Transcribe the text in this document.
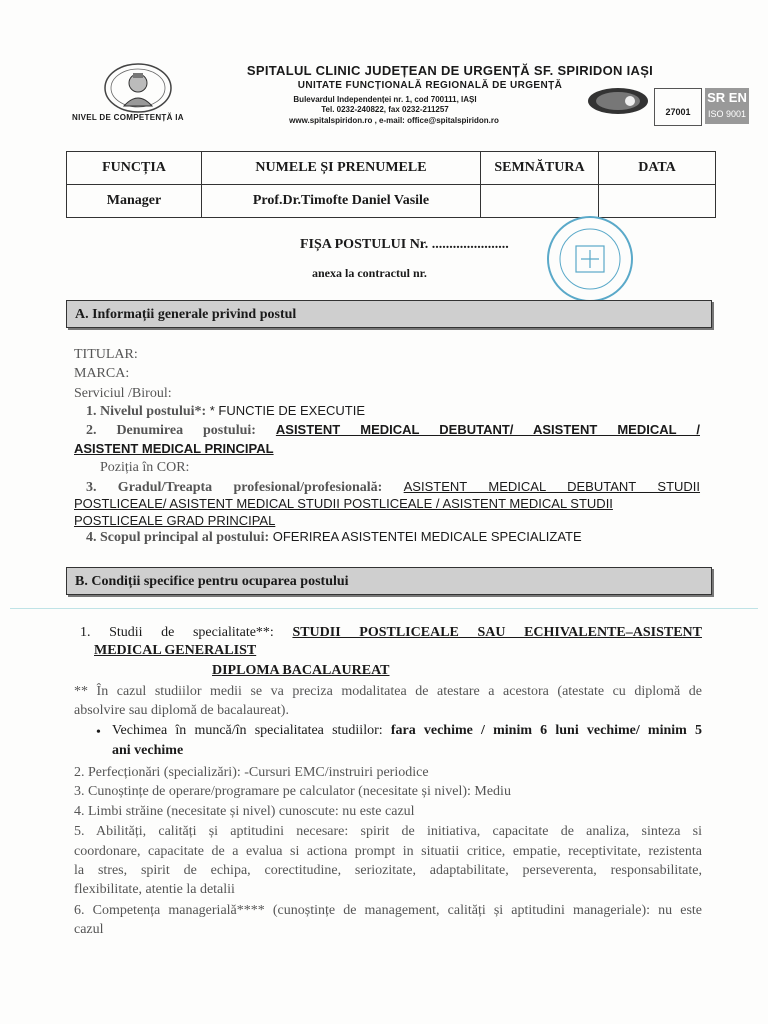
NIVEL DE COMPETENȚĂ IA
SPITALUL CLINIC JUDEȚEAN DE URGENȚĂ SF. SPIRIDON IAȘI
UNITATE FUNCȚIONALĂ REGIONALĂ DE URGENȚĂ
Bulevardul Independenței nr. 1, cod 700111, IAȘI
Tel. 0232-240822, fax 0232-211257
www.spitalspiridon.ro , e-mail: office@spitalspiridon.ro
27001
SR EN
ISO 9001
FUNCȚIA	NUMELE ȘI PRENUMELE	SEMNĂTURA	DATA
Manager	Prof.Dr.Timofte Daniel Vasile		
FIȘA POSTULUI Nr. ......................
anexa la contractul nr.
A. Informații generale privind postul
TITULAR:
MARCA:
Serviciul /Biroul:
1. Nivelul postului*: * FUNCTIE DE EXECUTIE
2. Denumirea postului: ASISTENT MEDICAL DEBUTANT/ ASISTENT MEDICAL /
ASISTENT MEDICAL PRINCIPAL
Poziția în COR:
3. Gradul/Treapta profesional/profesională: ASISTENT MEDICAL DEBUTANT STUDII
POSTLICEALE/ ASISTENT MEDICAL STUDII POSTLICEALE / ASISTENT MEDICAL STUDII
POSTLICEALE GRAD PRINCIPAL
4. Scopul principal al postului: OFERIREA ASISTENTEI MEDICALE SPECIALIZATE
B. Condiții specifice pentru ocuparea postului
1. Studii de specialitate**: STUDII POSTLICEALE SAU ECHIVALENTE–ASISTENT
MEDICAL GENERALIST
DIPLOMA BACALAUREAT
** În cazul studiilor medii se va preciza modalitatea de atestare a acestora (atestate cu diplomă de
absolvire sau diplomă de bacalaureat).
• Vechimea în muncă/în specialitatea studiilor: fara vechime / minim 6 luni vechime/ minim 5
ani vechime
2. Perfecționări (specializări): -Cursuri EMC/instruiri periodice
3. Cunoștințe de operare/programare pe calculator (necesitate și nivel): Mediu
4. Limbi străine (necesitate și nivel) cunoscute: nu este cazul
5. Abilități, calități și aptitudini necesare: spirit de initiativa, capacitate de analiza, sinteza si
coordonare, capacitate de a evalua si actiona prompt in situatii critice, empatie, receptivitate, rezistenta
la stres, spirit de echipa, corectitudine, seriozitate, adaptabilitate, perseverenta, responsabilitate,
flexibilitate, atentie la detalii
6. Competența managerială**** (cunoștințe de management, calități și aptitudini manageriale): nu este
cazul
